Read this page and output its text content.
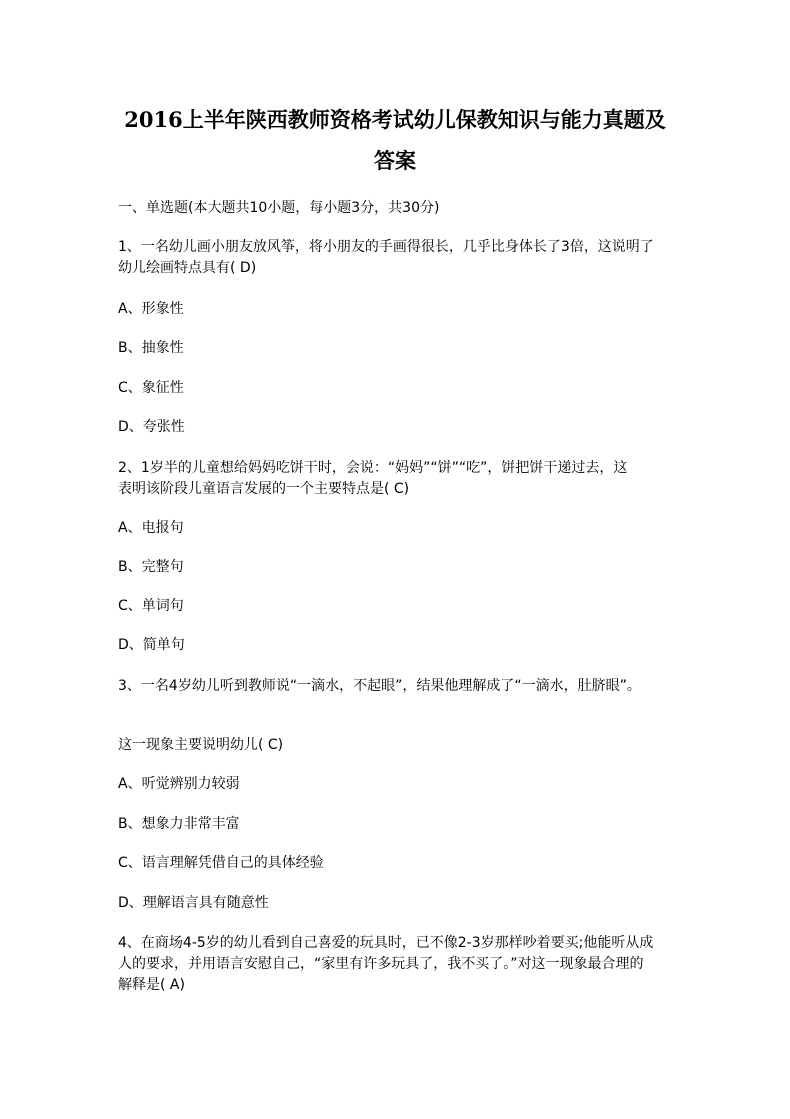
2016上半年陕西教师资格考试幼儿保教知识与能力真题及
答案
一、单选题(本大题共10小题，每小题3分，共30分)
1、一名幼儿画小朋友放风筝，将小朋友的手画得很长，几乎比身体长了3倍，这说明了
幼儿绘画特点具有( D)
A、形象性
B、抽象性
C、象征性
D、夸张性
2、1岁半的儿童想给妈妈吃饼干时，会说：“妈妈”“饼”“吃”，饼把饼干递过去，这
表明该阶段儿童语言发展的一个主要特点是( C)
A、电报句
B、完整句
C、单词句
D、简单句
3、一名4岁幼儿听到教师说“一滴水，不起眼”，结果他理解成了“一滴水，肚脐眼”。
这一现象主要说明幼儿( C)
A、听觉辨别力较弱
B、想象力非常丰富
C、语言理解凭借自己的具体经验
D、理解语言具有随意性
4、在商场4-5岁的幼儿看到自己喜爱的玩具时，已不像2-3岁那样吵着要买;他能听从成
人的要求，并用语言安慰自己，“家里有许多玩具了，我不买了。”对这一现象最合理的
解释是( A)
